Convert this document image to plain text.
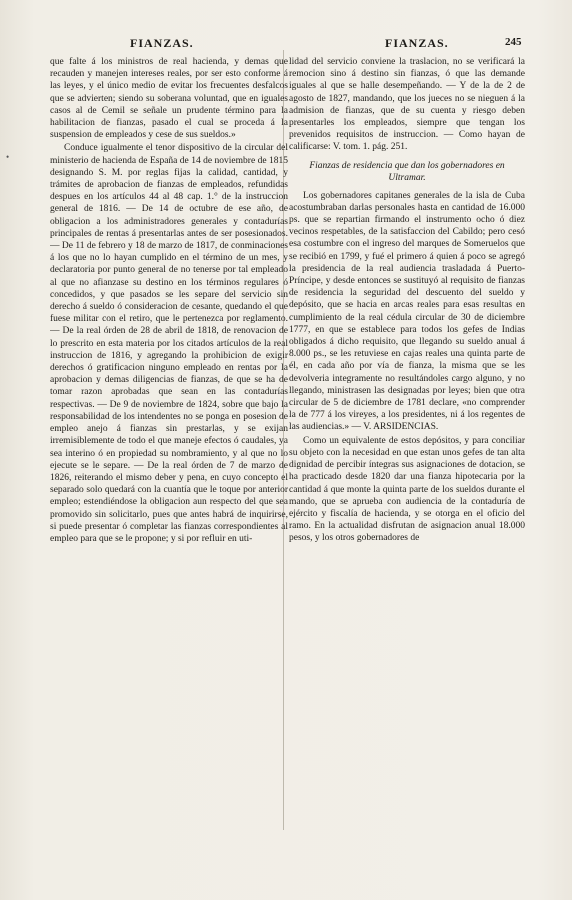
FIANZAS.	FIANZAS.	245
•

que falte á los ministros de real hacienda, y demas que recauden y manejen intereses reales, por ser esto conforme á las leyes, y el único medio de evitar los frecuentes desfalcos que se advierten; siendo su soberana voluntad, que en iguales casos al de Cemil se señale un prudente término para la habilitacion de fianzas, pasado el cual se proceda á la suspension de empleados y cese de sus sueldos.»

Conduce igualmente el tenor dispositivo de la circular del ministerio de hacienda de España de 14 de noviembre de 1815 designando S. M. por reglas fijas la calidad, cantidad, y trámites de aprobacion de fianzas de empleados, refundidas despues en los artículos 44 al 48 cap. 1.° de la instruccion general de 1816. — De 14 de octubre de ese año, de obligacion a los administradores generales y contadurías principales de rentas á presentarlas antes de ser posesionados. — De 11 de febrero y 18 de marzo de 1817, de conminaciones á los que no lo hayan cumplido en el término de un mes, y declaratoria por punto general de no tenerse por tal empleado al que no afianzase su destino en los términos regulares ó concedidos, y que pasados se les separe del servicio sin derecho á sueldo ó consideracion de cesante, quedando el que fuese militar con el retiro, que le pertenezca por reglamento. — De la real órden de 28 de abril de 1818, de renovacion de lo prescrito en esta materia por los citados artículos de la real instruccion de 1816, y agregando la prohibicion de exigir derechos ó gratificacion ninguno empleado en rentas por la aprobacion y demas diligencias de fianzas, de que se ha de tomar razon aprobadas que sean en las contadurías respectivas. — De 9 de noviembre de 1824, sobre que bajo la responsabilidad de los intendentes no se ponga en posesion de empleo anejo á fianzas sin prestarlas, y se exijan irremisiblemente de todo el que maneje efectos ó caudales, ya sea interino ó en propiedad su nombramiento, y al que no lo ejecute se le separe. — De la real órden de 7 de marzo de 1826, reiterando el mismo deber y pena, en cuyo concepto el separado solo quedará con la cuantía que le toque por anterior empleo; estendiéndose la obligacion aun respecto del que sea promovido sin solicitarlo, pues que antes habrá de inquirirse, si puede presentar ó completar las fianzas correspondientes al empleo para que se le propone; y si por refluir en uti-

lidad del servicio conviene la traslacion, no se verificará la remocion sino á destino sin fianzas, ó que las demande iguales al que se halle desempeñando. — Y de la de 2 de agosto de 1827, mandando, que los jueces no se nieguen á la admision de fianzas, que de su cuenta y riesgo deben presentarles los empleados, siempre que tengan los prevenidos requisitos de instruccion. — Como hayan de calificarse: V. tom. 1. pág. 251.

Fianzas de residencia que dan los gobernadores en Ultramar.

Los gobernadores capitanes generales de la isla de Cuba acostumbraban darlas personales hasta en cantidad de 16.000 ps. que se repartian firmando el instrumento ocho ó diez vecinos respetables, de la satisfaccion del Cabildo; pero cesó esa costumbre con el ingreso del marques de Someruelos que se recibió en 1799, y fué el primero á quien á poco se agregó la presidencia de la real audiencia trasladada á Puerto-Príncipe, y desde entonces se sustituyó al requisito de fianzas de residencia la seguridad del descuento del sueldo y depósito, que se hacia en arcas reales para esas resultas en cumplimiento de la real cédula circular de 30 de diciembre 1777, en que se establece para todos los gefes de Indias obligados á dicho requisito, que llegando su sueldo anual á 8.000 ps., se les retuviese en cajas reales una quinta parte de él, en cada año por vía de fianza, la misma que se les devolveria integramente no resultándoles cargo alguno, y no llegando, ministrasen las designadas por leyes; bien que otra circular de 5 de diciembre de 1781 declare, «no comprender la de 777 á los vireyes, a los presidentes, ni á los regentes de las audiencias.» — V. ARSIDENCIAS.

Como un equivalente de estos depósitos, y para conciliar su objeto con la necesidad en que estan unos gefes de tan alta dignidad de percibir íntegras sus asignaciones de dotacion, se ha practicado desde 1820 dar una fianza hipotecaria por la cantidad á que monte la quinta parte de los sueldos durante el mando, que se aprueba con audiencia de la contaduría de ejército y fiscalía de hacienda, y se otorga en el oficio del ramo. En la actualidad disfrutan de asignacion anual 18.000 pesos, y los otros gobernadores de
